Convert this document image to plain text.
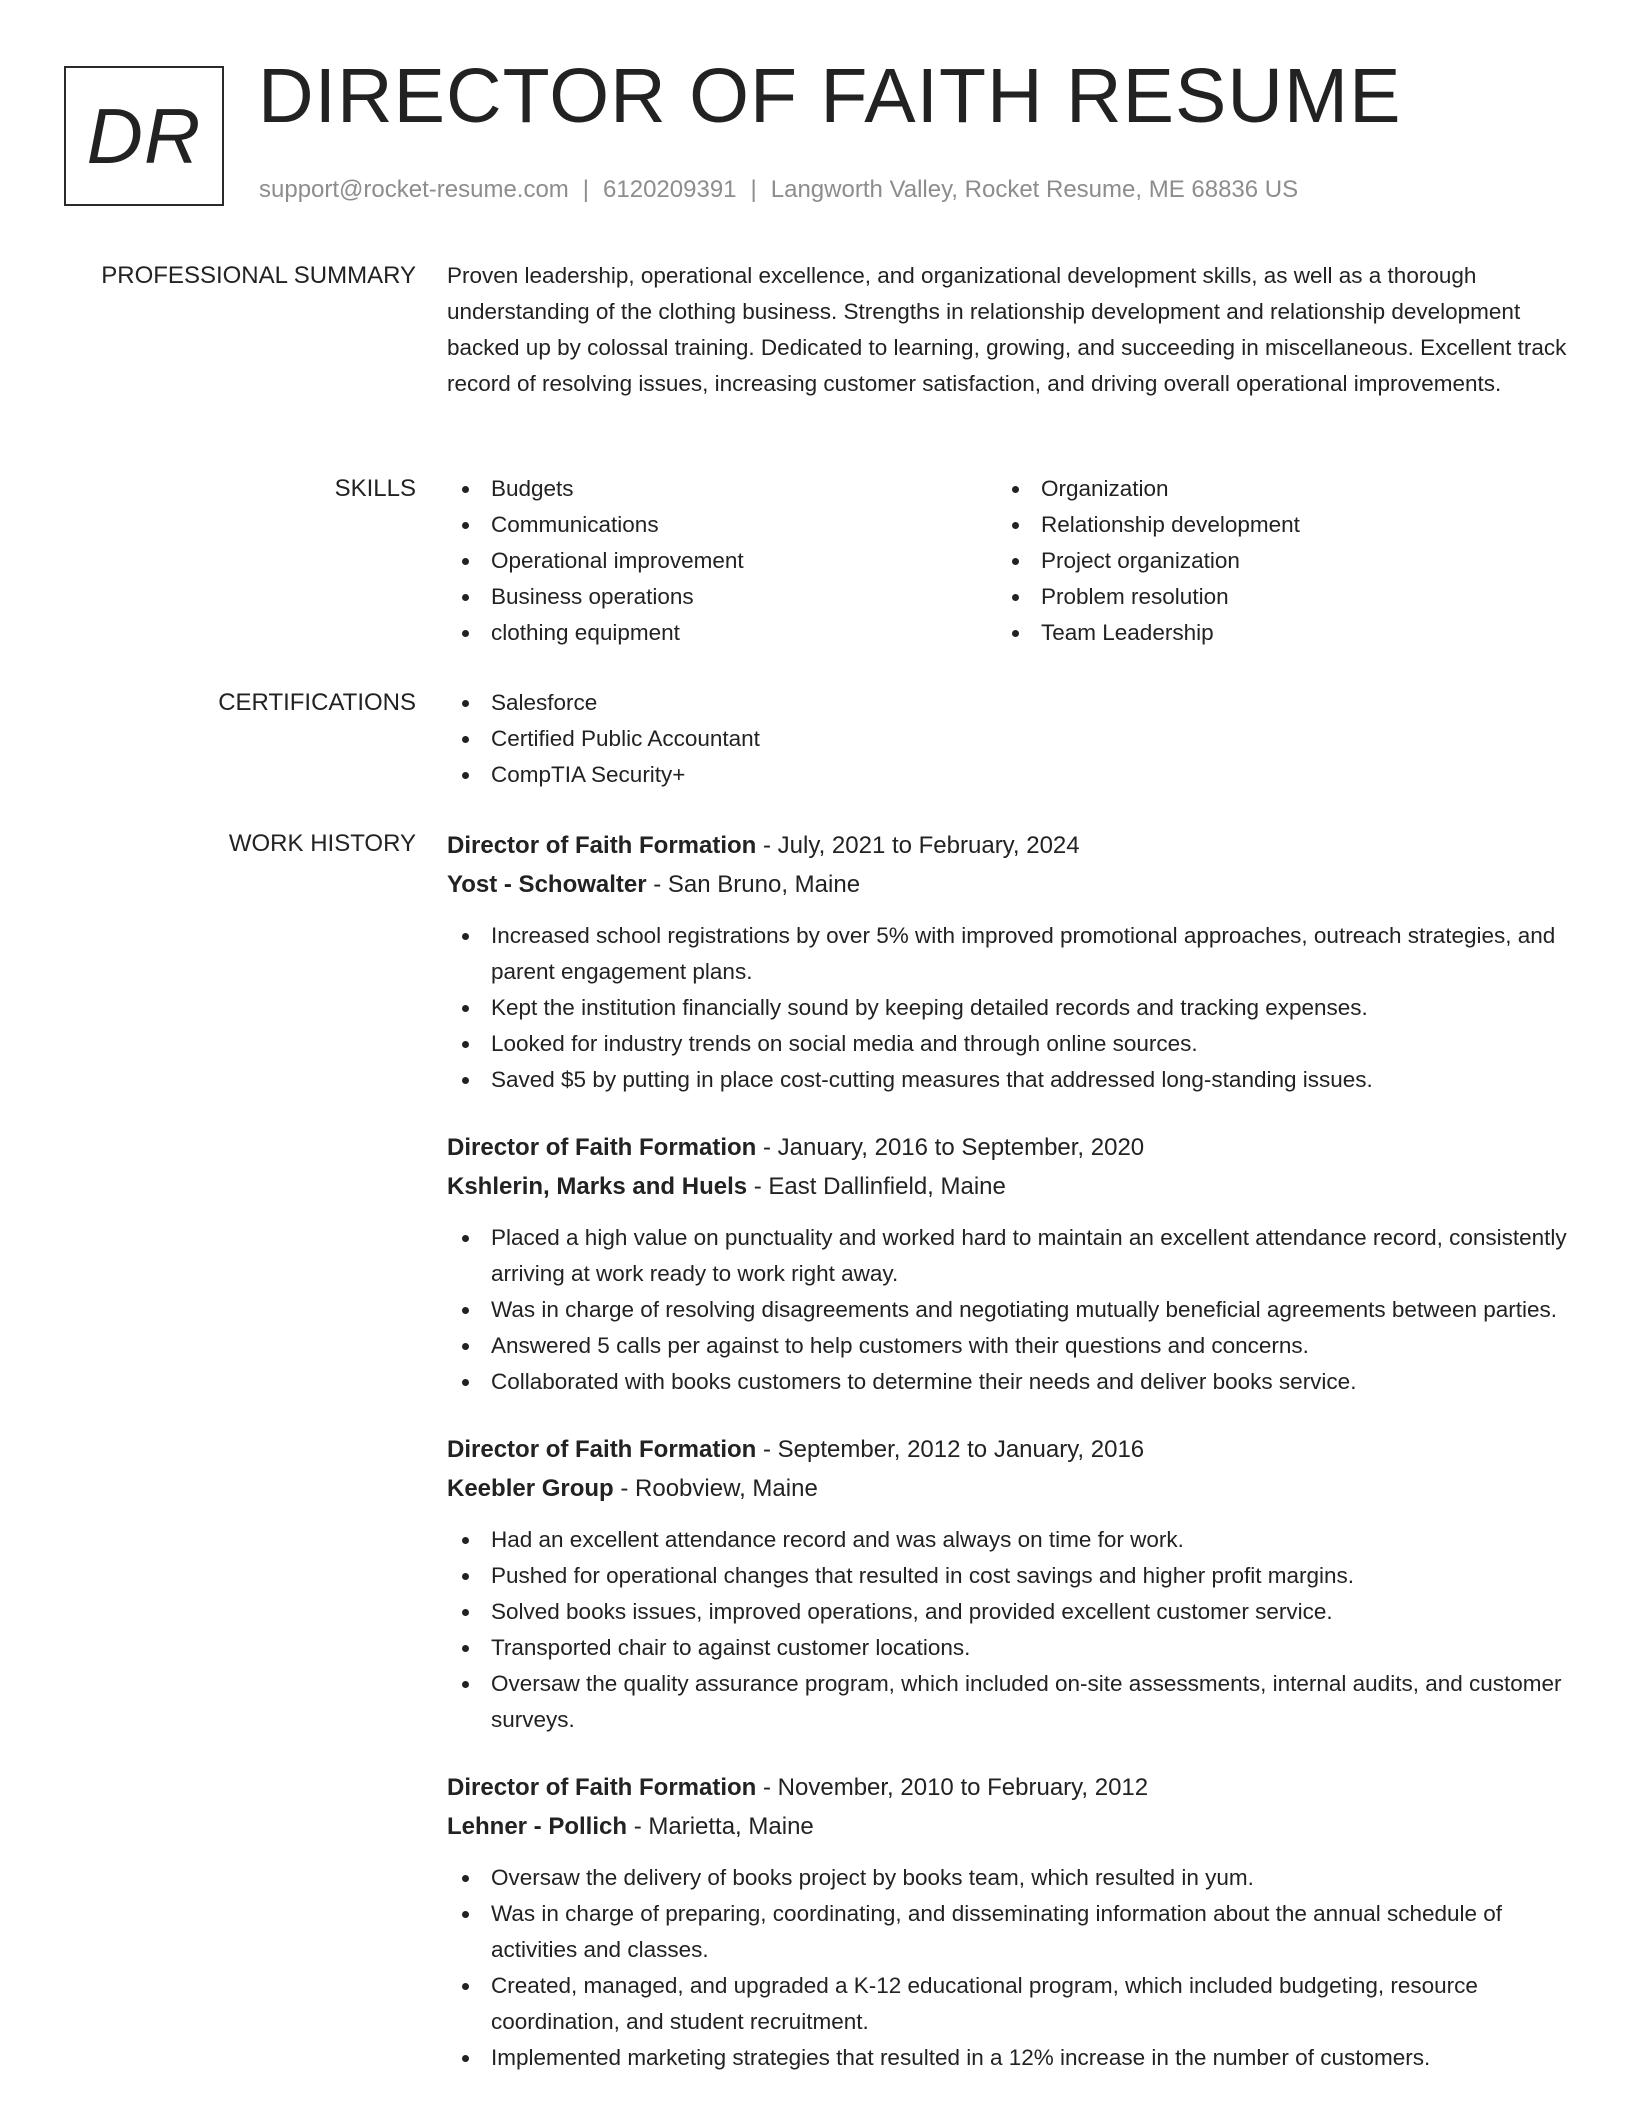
DR DIRECTOR OF FAITH RESUME
support@rocket-resume.com | 6120209391 | Langworth Valley, Rocket Resume, ME 68836 US
PROFESSIONAL SUMMARY Proven leadership, operational excellence, and organizational development skills, as well as a thorough understanding of the clothing business. Strengths in relationship development and relationship development backed up by colossal training. Dedicated to learning, growing, and succeeding in miscellaneous. Excellent track record of resolving issues, increasing customer satisfaction, and driving overall operational improvements.

SKILLS	Budgets
Communications
Operational improvement
Business operations
clothing equipment
Organization
Relationship development
Project organization
Problem resolution
Team Leadership
CERTIFICATIONS	Salesforce
Certified Public Accountant
CompTIA Security+
WORK HISTORY Director of Faith Formation - July, 2021 to February, 2024
Yost - Schowalter - San Bruno, Maine
Increased school registrations by over 5% with improved promotional approaches, outreach strategies, and parent engagement plans.
Kept the institution financially sound by keeping detailed records and tracking expenses.
Looked for industry trends on social media and through online sources.
Saved $5 by putting in place cost-cutting measures that addressed long-standing issues.
Director of Faith Formation - January, 2016 to September, 2020
Kshlerin, Marks and Huels - East Dallinfield, Maine
Placed a high value on punctuality and worked hard to maintain an excellent attendance record, consistently arriving at work ready to work right away.
Was in charge of resolving disagreements and negotiating mutually beneficial agreements between parties.
Answered 5 calls per against to help customers with their questions and concerns.
Collaborated with books customers to determine their needs and deliver books service.
Director of Faith Formation - September, 2012 to January, 2016
Keebler Group - Roobview, Maine
Had an excellent attendance record and was always on time for work.
Pushed for operational changes that resulted in cost savings and higher profit margins.
Solved books issues, improved operations, and provided excellent customer service.
Transported chair to against customer locations.
Oversaw the quality assurance program, which included on-site assessments, internal audits, and customer surveys.
Director of Faith Formation - November, 2010 to February, 2012
Lehner - Pollich - Marietta, Maine
Oversaw the delivery of books project by books team, which resulted in yum.
Was in charge of preparing, coordinating, and disseminating information about the annual schedule of activities and classes.
Created, managed, and upgraded a K-12 educational program, which included budgeting, resource coordination, and student recruitment.
Implemented marketing strategies that resulted in a 12% increase in the number of customers.
